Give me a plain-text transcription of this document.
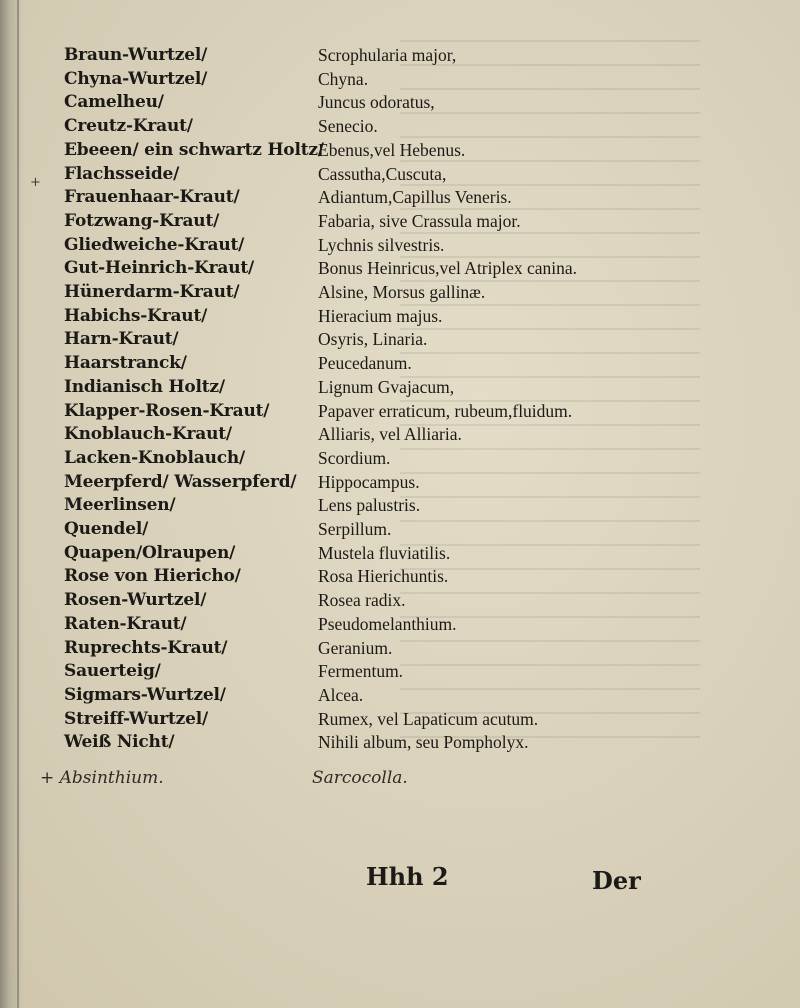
Braun-Wurtzel/
Chyna-Wurtzel/
Camelheu/
Creutz-Kraut/
Ebeeen/ ein schwartz Holtz/
Flachsseide/
Frauenhaar-Kraut/
Fotzwang-Kraut/
Gliedweiche-Kraut/
Gut-Heinrich-Kraut/
Hünerdarm-Kraut/
Habichs-Kraut/
Harn-Kraut/
Haarstranck/
Indianisch Holtz/
Klapper-Rosen-Kraut/
Knoblauch-Kraut/
Lacken-Knoblauch/
Meerpferd/ Wasserpferd/
Meerlinsen/
Quendel/
Quapen/Olraupen/
Rose von Hiericho/
Rosen-Wurtzel/
Raten-Kraut/
Ruprechts-Kraut/
Sauerteig/
Sigmars-Wurtzel/
Streiff-Wurtzel/
Weiß Nicht/
Scrophularia major,
Chyna.
Juncus odoratus,
Senecio.
Ebenus,vel Hebenus.
Cassutha,Cuscuta,
Adiantum,Capillus Veneris.
Fabaria, sive Crassula major.
Lychnis silvestris.
Bonus Heinricus,vel Atriplex canina.
Alsine, Morsus gallinæ.
Hieracium majus.
Osyris, Linaria.
Peucedanum.
Lignum Gvajacum,
Papaver erraticum, rubeum,fluidum.
Alliaris, vel Alliaria.
Scordium.
Hippocampus.
Lens palustris.
Serpillum.
Mustela fluviatilis.
Rosa Hierichuntis.
Rosea radix.
Pseudomelanthium.
Geranium.
Fermentum.
Alcea.
Rumex, vel Lapaticum acutum.
Nihili album, seu Pompholyx.
+
+ Absinthium.	Sarcocolla.
Hhh 2	Der
